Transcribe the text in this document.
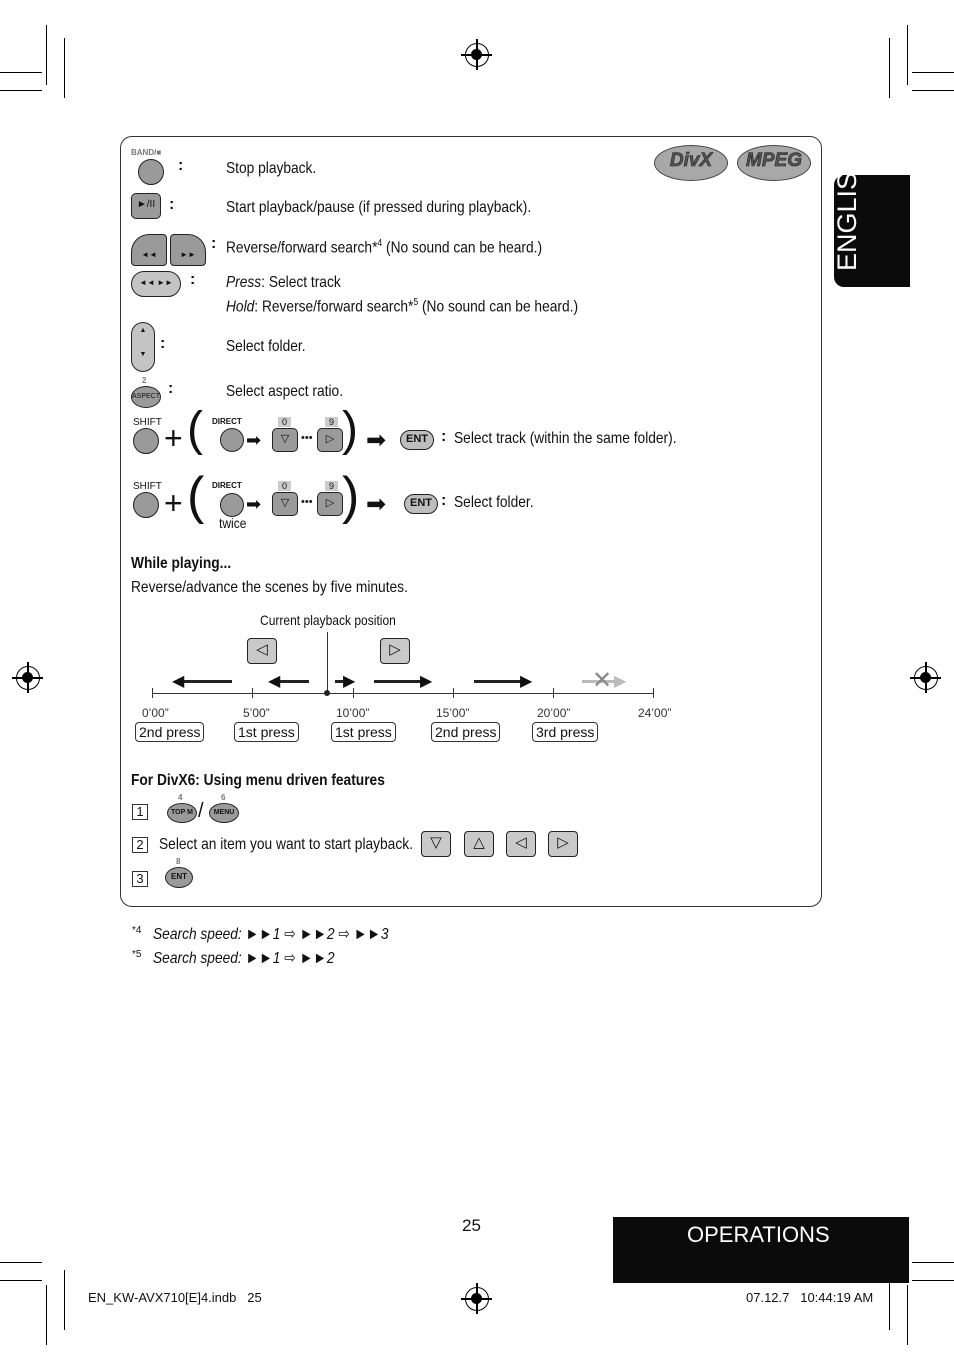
ENGLISH
DivX	MPEG
BAND/■
:	Stop playback.
►/II :	Start playback/pause (if pressed during playback).
◄◄	►►
: Reverse/forward search*$^4$ (No sound can be heard.)
◄◄ ►►	: Press: Select track
Hold: Reverse/forward search*$^5$ (No sound can be heard.)
▲

▼
:	Select folder.
2
ASPECT :	Select aspect ratio.
SHIFT + ( DIRECT
➡
0
▽	•••
9
▷ ) ➡	ENT : Select track (within the same folder).
SHIFT + ( DIRECT
twice
➡
0
▽	•••
9
▷ ) ➡	ENT : Select folder.
While playing...
Reverse/advance the scenes by five minutes.
Current playback position
◁	▷
◀	◀	▶	▶	▶	▶
✕
0’00”	5’00”	10’00”	15’00”	20’00”	24’00”
2nd press	1st press	1st press	2nd press	3rd press
For DivX6: Using menu driven features
1
4
TOP M /
6
MENU
2 Select an item you want to start playback.	▽	△	◁	▷
3
8
ENT
*4 Search speed: ►►1 ⇨ ►►2 ⇨ ►►3
*5 Search speed: ►►1 ⇨ ►►2
25	OPERATIONS
EN_KW-AVX710[E]4.indb   25	07.12.7   10:44:19 AM
